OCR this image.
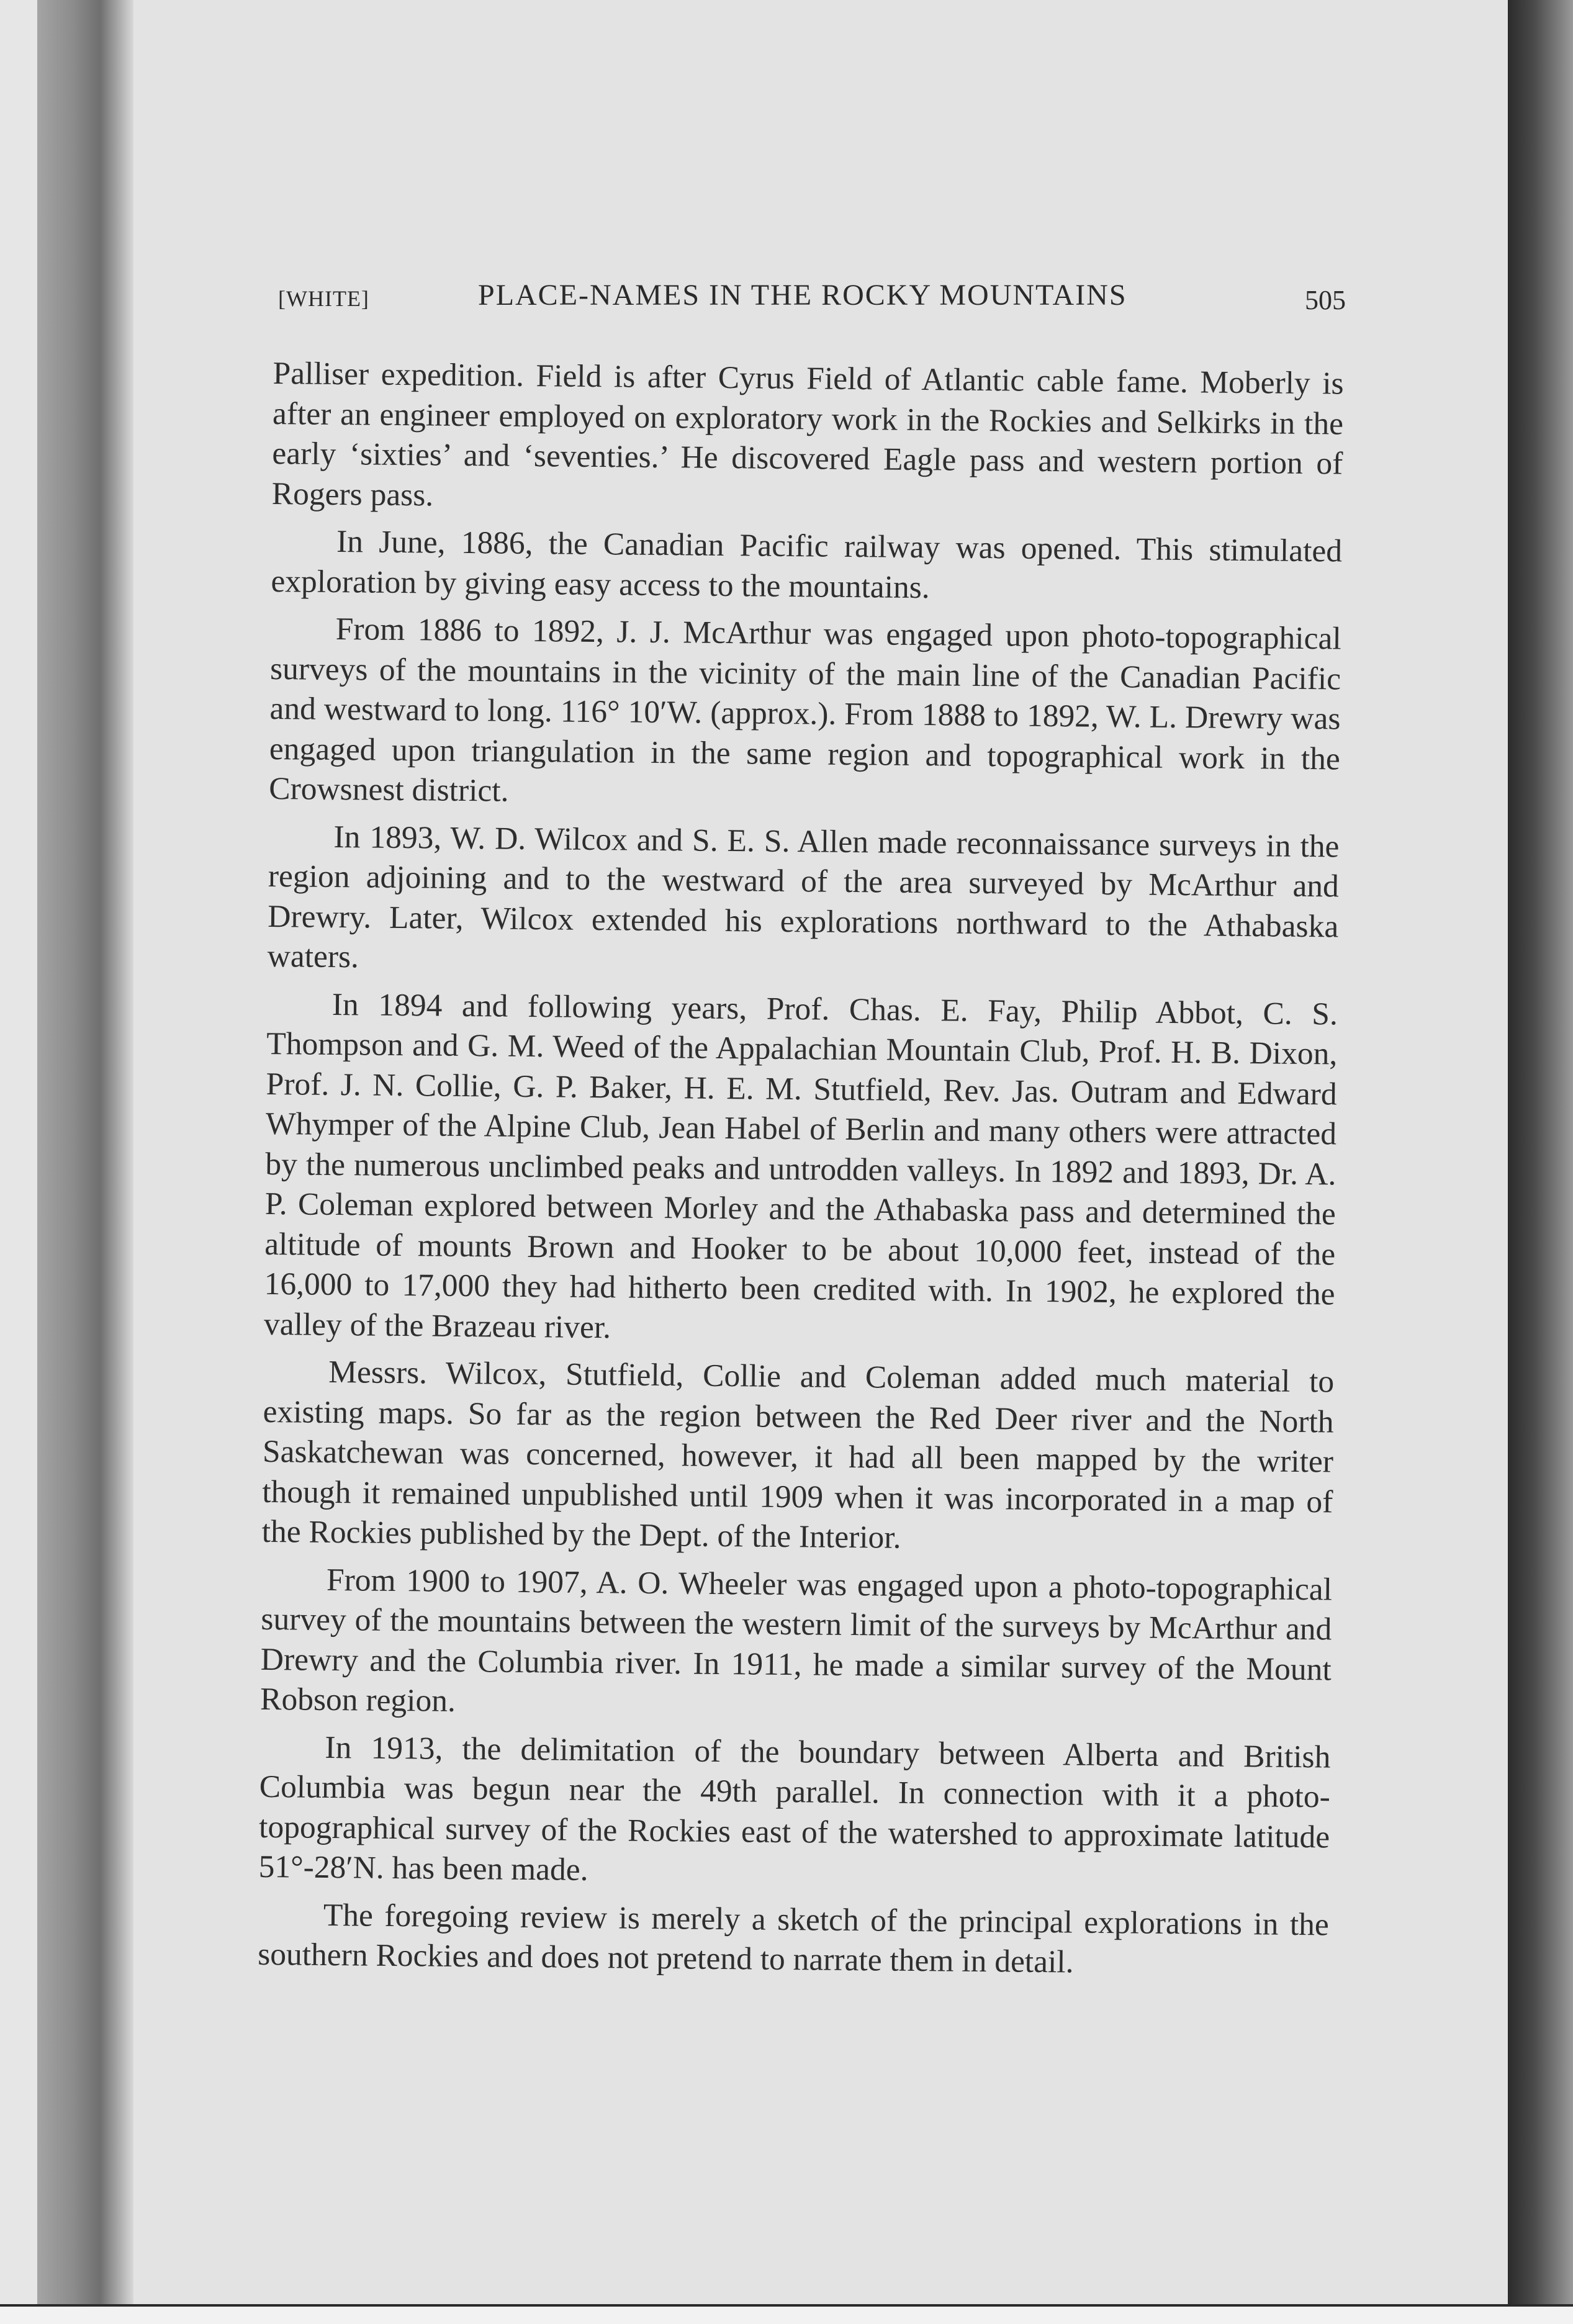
[WHITE]	PLACE-NAMES IN THE ROCKY MOUNTAINS	505

Palliser expedition. Field is after Cyrus Field of Atlantic cable fame. Moberly is after an engineer employed on exploratory work in the Rockies and Selkirks in the early ‘sixties’ and ‘seventies.’ He discovered Eagle pass and western portion of Rogers pass.

In June, 1886, the Canadian Pacific railway was opened. This stimulated exploration by giving easy access to the mountains.

From 1886 to 1892, J. J. McArthur was engaged upon photo-topographical surveys of the mountains in the vicinity of the main line of the Canadian Pacific and westward to long. 116° 10′W. (approx.). From 1888 to 1892, W. L. Drewry was engaged upon triangulation in the same region and topographical work in the Crowsnest district.

In 1893, W. D. Wilcox and S. E. S. Allen made reconnaissance surveys in the region adjoining and to the westward of the area surveyed by McArthur and Drewry. Later, Wilcox extended his explorations northward to the Athabaska waters.

In 1894 and following years, Prof. Chas. E. Fay, Philip Abbot, C. S. Thompson and G. M. Weed of the Appalachian Mountain Club, Prof. H. B. Dixon, Prof. J. N. Collie, G. P. Baker, H. E. M. Stutfield, Rev. Jas. Outram and Edward Whymper of the Alpine Club, Jean Habel of Berlin and many others were attracted by the numerous unclimbed peaks and untrodden valleys. In 1892 and 1893, Dr. A. P. Coleman explored between Morley and the Athabaska pass and determined the altitude of mounts Brown and Hooker to be about 10,000 feet, instead of the 16,000 to 17,000 they had hitherto been credited with. In 1902, he explored the valley of the Brazeau river.

Messrs. Wilcox, Stutfield, Collie and Coleman added much material to existing maps. So far as the region between the Red Deer river and the North Saskatchewan was concerned, however, it had all been mapped by the writer though it remained unpublished until 1909 when it was incorporated in a map of the Rockies published by the Dept. of the Interior.

From 1900 to 1907, A. O. Wheeler was engaged upon a photo-topographical survey of the mountains between the western limit of the surveys by McArthur and Drewry and the Columbia river. In 1911, he made a similar survey of the Mount Robson region.

In 1913, the delimitation of the boundary between Alberta and British Columbia was begun near the 49th parallel. In connection with it a photo-topographical survey of the Rockies east of the watershed to approximate latitude 51°-28′N. has been made.

The foregoing review is merely a sketch of the principal explorations in the southern Rockies and does not pretend to narrate them in detail.
